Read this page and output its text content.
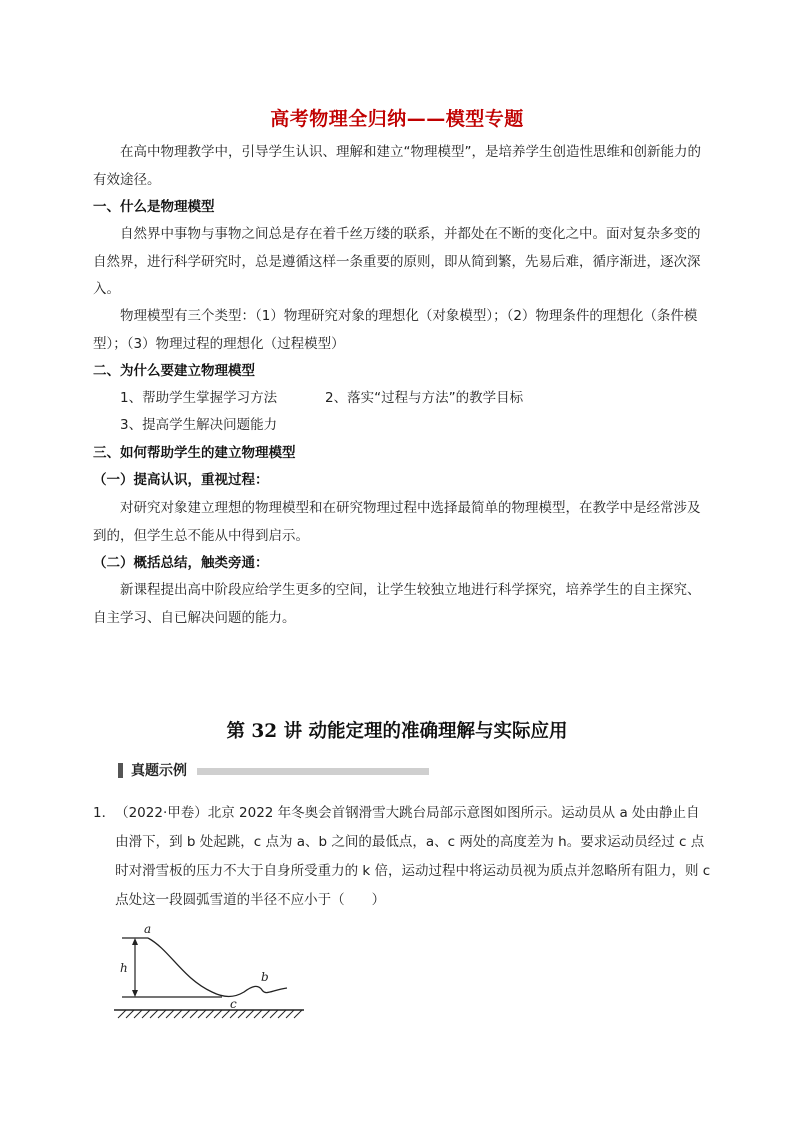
高考物理全归纳——模型专题
在高中物理教学中，引导学生认识、理解和建立“物理模型”，是培养学生创造性思维和创新能力的有效途径。
一、什么是物理模型
自然界中事物与事物之间总是存在着千丝万缕的联系，并都处在不断的变化之中。面对复杂多变的自然界，进行科学研究时，总是遵循这样一条重要的原则，即从简到繁，先易后难，循序渐进，逐次深入。
物理模型有三个类型：（1）物理研究对象的理想化（对象模型）；（2）物理条件的理想化（条件模型）；（3）物理过程的理想化（过程模型）
二、为什么要建立物理模型
1、帮助学生掌握学习方法	2、落实“过程与方法”的教学目标
3、提高学生解决问题能力
三、如何帮助学生的建立物理模型
（一）提高认识，重视过程：
对研究对象建立理想的物理模型和在研究物理过程中选择最简单的物理模型，在教学中是经常涉及到的，但学生总不能从中得到启示。
（二）概括总结，触类旁通：
新课程提出高中阶段应给学生更多的空间，让学生较独立地进行科学探究，培养学生的自主探究、自主学习、自已解决问题的能力。
第 32 讲 动能定理的准确理解与实际应用
真题示例
1． （2022·甲卷）北京 2022 年冬奥会首钢滑雪大跳台局部示意图如图所示。运动员从 a 处由静止自由滑下，到 b 处起跳，c 点为 a、b 之间的最低点，a、c 两处的高度差为 h。要求运动员经过 c 点时对滑雪板的压力不大于自身所受重力的 k 倍，运动过程中将运动员视为质点并忽略所有阻力，则 c 点处这一段圆弧雪道的半径不应小于（　　）
a
b
c
h
